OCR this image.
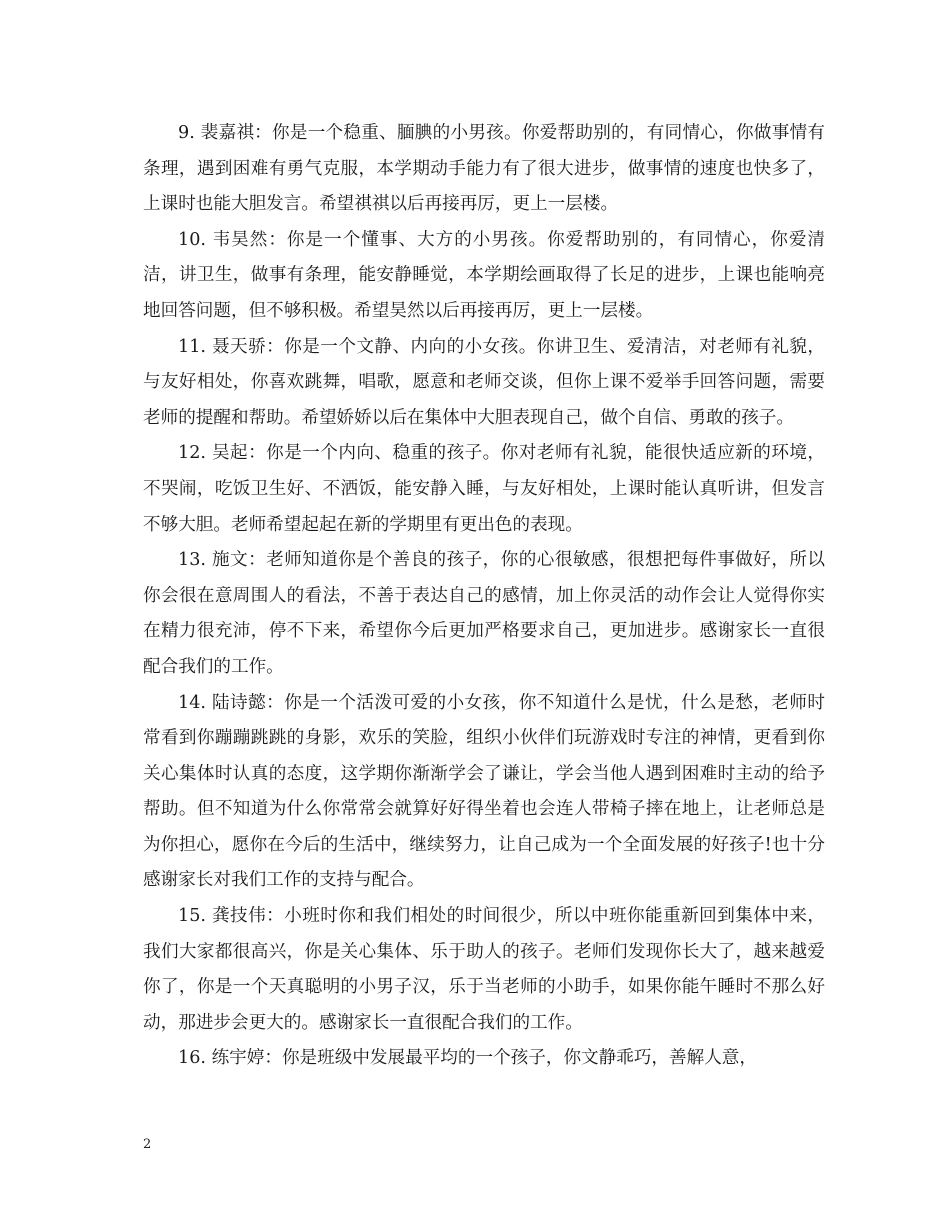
9. 裴嘉祺：你是一个稳重、腼腆的小男孩。你爱帮助别的，有同情心，你做事情有条理，遇到困难有勇气克服，本学期动手能力有了很大进步，做事情的速度也快多了，上课时也能大胆发言。希望祺祺以后再接再厉，更上一层楼。

10. 韦昊然：你是一个懂事、大方的小男孩。你爱帮助别的，有同情心，你爱清洁，讲卫生，做事有条理，能安静睡觉，本学期绘画取得了长足的进步，上课也能响亮地回答问题，但不够积极。希望昊然以后再接再厉，更上一层楼。

11. 聂天骄：你是一个文静、内向的小女孩。你讲卫生、爱清洁，对老师有礼貌，与友好相处，你喜欢跳舞，唱歌，愿意和老师交谈，但你上课不爱举手回答问题，需要老师的提醒和帮助。希望娇娇以后在集体中大胆表现自己，做个自信、勇敢的孩子。

12. 吴起：你是一个内向、稳重的孩子。你对老师有礼貌，能很快适应新的环境，不哭闹，吃饭卫生好、不洒饭，能安静入睡，与友好相处，上课时能认真听讲，但发言不够大胆。老师希望起起在新的学期里有更出色的表现。

13. 施文：老师知道你是个善良的孩子，你的心很敏感，很想把每件事做好，所以你会很在意周围人的看法，不善于表达自己的感情，加上你灵活的动作会让人觉得你实在精力很充沛，停不下来，希望你今后更加严格要求自己，更加进步。感谢家长一直很配合我们的工作。

14. 陆诗懿：你是一个活泼可爱的小女孩，你不知道什么是忧，什么是愁，老师时常看到你蹦蹦跳跳的身影，欢乐的笑脸，组织小伙伴们玩游戏时专注的神情，更看到你关心集体时认真的态度，这学期你渐渐学会了谦让，学会当他人遇到困难时主动的给予帮助。但不知道为什么你常常会就算好好得坐着也会连人带椅子摔在地上，让老师总是为你担心，愿你在今后的生活中，继续努力，让自己成为一个全面发展的好孩子!也十分感谢家长对我们工作的支持与配合。

15. 龚技伟：小班时你和我们相处的时间很少，所以中班你能重新回到集体中来，我们大家都很高兴，你是关心集体、乐于助人的孩子。老师们发现你长大了，越来越爱你了，你是一个天真聪明的小男子汉，乐于当老师的小助手，如果你能午睡时不那么好动，那进步会更大的。感谢家长一直很配合我们的工作。

16. 练宇婷：你是班级中发展最平均的一个孩子，你文静乖巧，善解人意，

2
